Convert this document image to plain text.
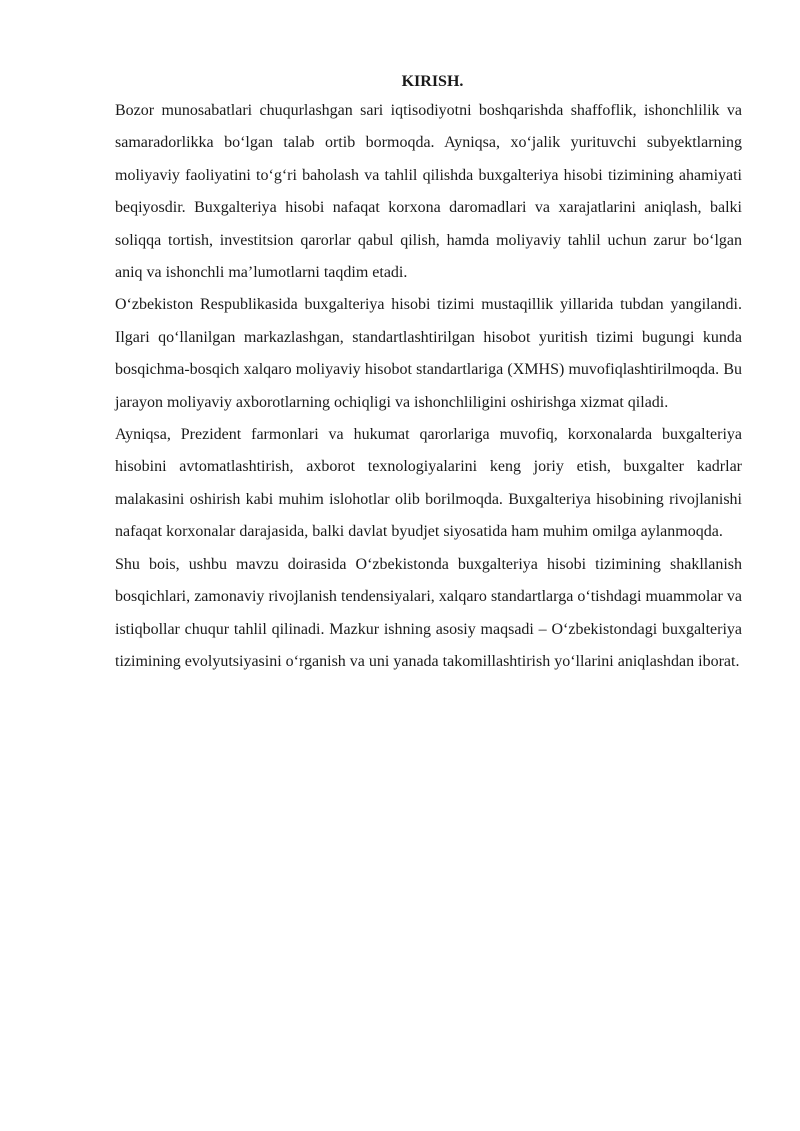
KIRISH.

Bozor munosabatlari chuqurlashgan sari iqtisodiyotni boshqarishda shaffoflik, ishonchlilik va samaradorlikka bo‘lgan talab ortib bormoqda. Ayniqsa, xo‘jalik yurituvchi subyektlarning moliyaviy faoliyatini to‘g‘ri baholash va tahlil qilishda buxgalteriya hisobi tizimining ahamiyati beqiyosdir. Buxgalteriya hisobi nafaqat korxona daromadlari va xarajatlarini aniqlash, balki soliqqa tortish, investitsion qarorlar qabul qilish, hamda moliyaviy tahlil uchun zarur bo‘lgan aniq va ishonchli ma’lumotlarni taqdim etadi.

O‘zbekiston Respublikasida buxgalteriya hisobi tizimi mustaqillik yillarida tubdan yangilandi. Ilgari qo‘llanilgan markazlashgan, standartlashtirilgan hisobot yuritish tizimi bugungi kunda bosqichma-bosqich xalqaro moliyaviy hisobot standartlariga (XMHS) muvofiqlashtirilmoqda. Bu jarayon moliyaviy axborotlarning ochiqligi va ishonchliligini oshirishga xizmat qiladi.

Ayniqsa, Prezident farmonlari va hukumat qarorlariga muvofiq, korxonalarda buxgalteriya hisobini avtomatlashtirish, axborot texnologiyalarini keng joriy etish, buxgalter kadrlar malakasini oshirish kabi muhim islohotlar olib borilmoqda. Buxgalteriya hisobining rivojlanishi nafaqat korxonalar darajasida, balki davlat byudjet siyosatida ham muhim omilga aylanmoqda.

Shu bois, ushbu mavzu doirasida O‘zbekistonda buxgalteriya hisobi tizimining shakllanish bosqichlari, zamonaviy rivojlanish tendensiyalari, xalqaro standartlarga o‘tishdagi muammolar va istiqbollar chuqur tahlil qilinadi. Mazkur ishning asosiy maqsadi – O‘zbekistondagi buxgalteriya tizimining evolyutsiyasini o‘rganish va uni yanada takomillashtirish yo‘llarini aniqlashdan iborat.
